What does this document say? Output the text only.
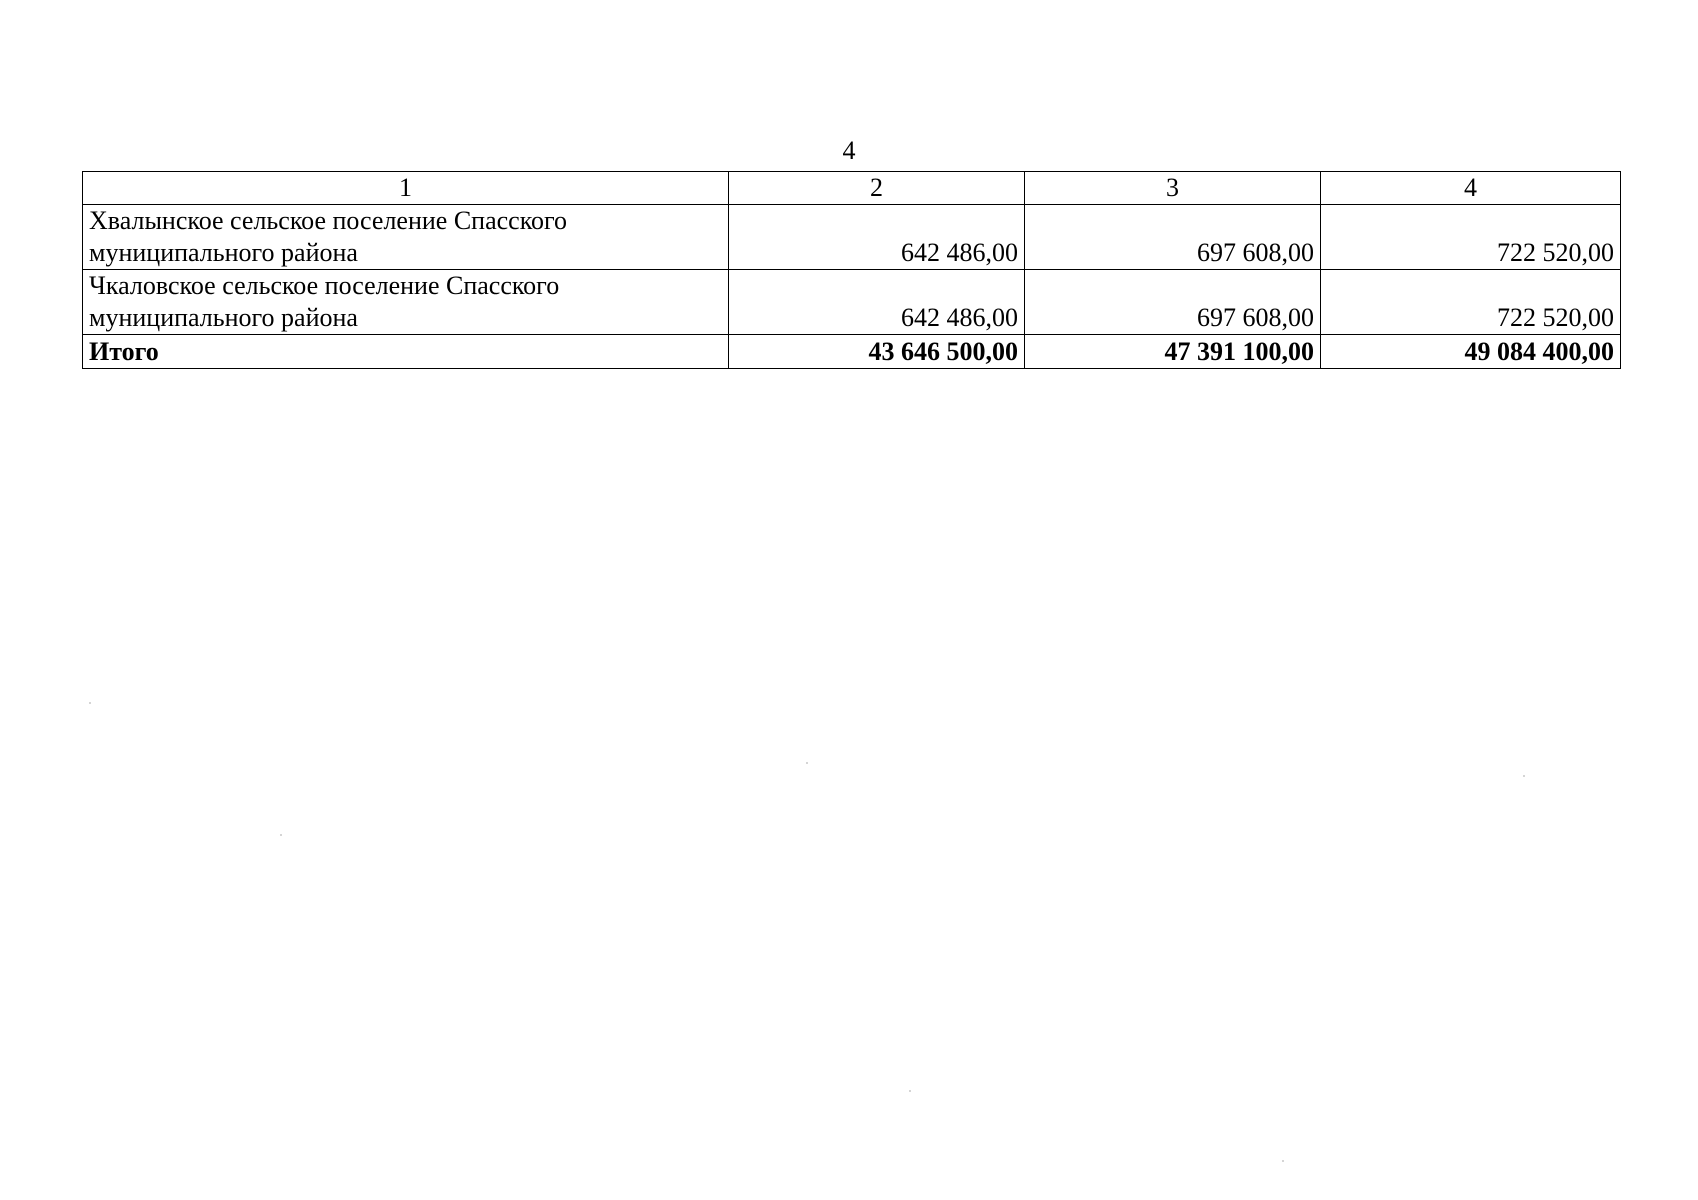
4
1	2	3	4
Хвалынское сельское поселение Спасского муниципального района	642 486,00	697 608,00	722 520,00
Чкаловское сельское поселение Спасского муниципального района	642 486,00	697 608,00	722 520,00
Итого	43 646 500,00	47 391 100,00	49 084 400,00
